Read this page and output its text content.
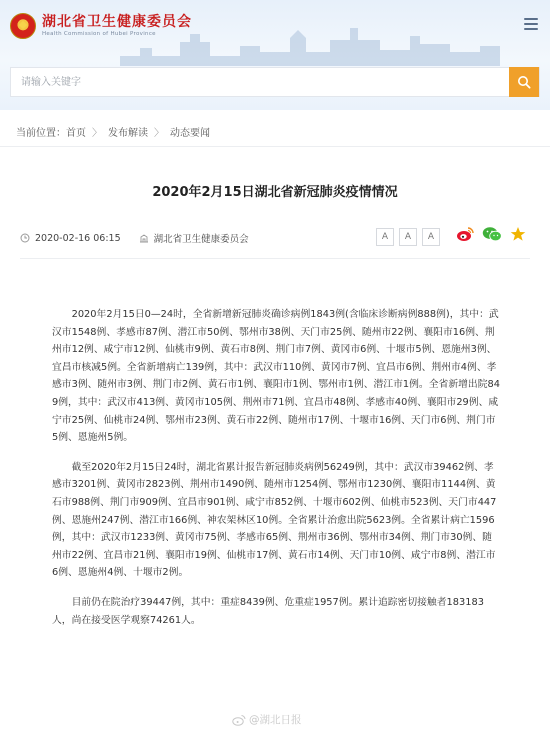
湖北省卫生健康委员会
Health Commission of Hubei Province
请输入关键字
当前位置： 首页 〉 发布解读 〉 动态要闻
2020年2月15日湖北省新冠肺炎疫情情况
2020-02-16 06:15	湖北省卫生健康委员会	A	A	A

2020年2月15日0—24时，全省新增新冠肺炎确诊病例1843例(含临床诊断病例888例)，其中：武汉市1548例、孝感市87例、潜江市50例、鄂州市38例、天门市25例、随州市22例、襄阳市16例、荆州市12例、咸宁市12例、仙桃市9例、黄石市8例、荆门市7例、黄冈市6例、十堰市5例、恩施州3例、宜昌市核减5例。全省新增病亡139例，其中：武汉市110例、黄冈市7例、宜昌市6例、荆州市4例、孝感市3例、随州市3例、荆门市2例、黄石市1例、襄阳市1例、鄂州市1例、潜江市1例。全省新增出院849例，其中：武汉市413例、黄冈市105例、荆州市71例、宜昌市48例、孝感市40例、襄阳市29例、咸宁市25例、仙桃市24例、鄂州市23例、黄石市22例、随州市17例、十堰市16例、天门市6例、荆门市5例、恩施州5例。

截至2020年2月15日24时，湖北省累计报告新冠肺炎病例56249例，其中：武汉市39462例、孝感市3201例、黄冈市2823例、荆州市1490例、随州市1254例、鄂州市1230例、襄阳市1144例、黄石市988例、荆门市909例、宜昌市901例、咸宁市852例、十堰市602例、仙桃市523例、天门市447例、恩施州247例、潜江市166例、神农架林区10例。全省累计治愈出院5623例。全省累计病亡1596例，其中：武汉市1233例、黄冈市75例、孝感市65例、荆州市36例、鄂州市34例、荆门市30例、随州市22例、宜昌市21例、襄阳市19例、仙桃市17例、黄石市14例、天门市10例、咸宁市8例、潜江市6例、恩施州4例、十堰市2例。

目前仍在院治疗39447例，其中：重症8439例、危重症1957例。累计追踪密切接触者183183人，尚在接受医学观察74261人。

@湖北日报
